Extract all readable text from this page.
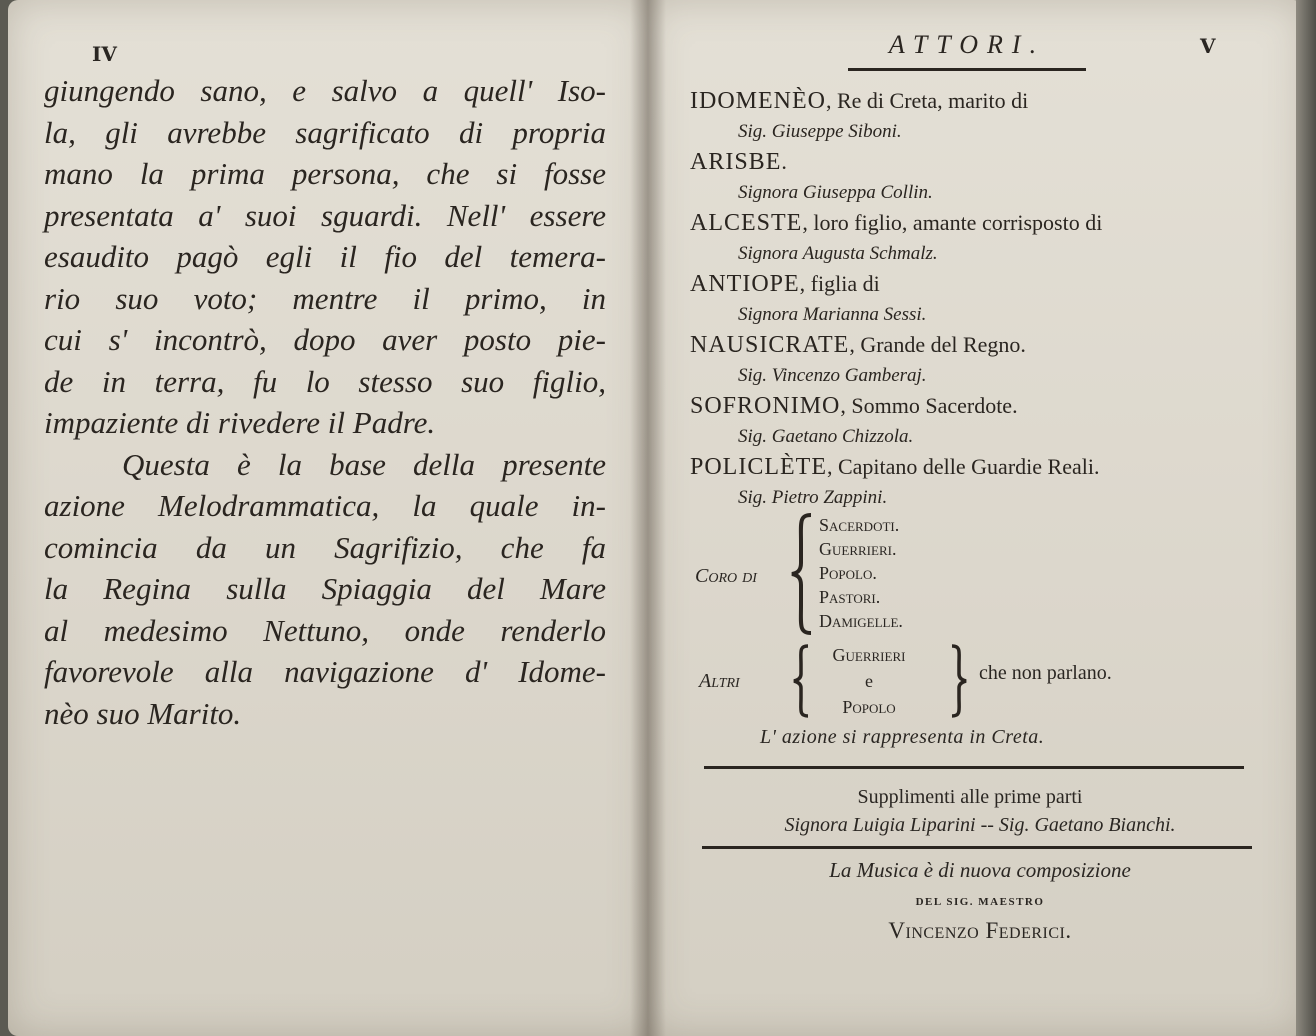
IV
giungendo sano, e salvo a quell' Iso-
la, gli avrebbe sagrificato di propria
mano la prima persona, che si fosse
presentata a' suoi sguardi. Nell' essere
esaudito pagò egli il fio del temera-
rio suo voto; mentre il primo, in
cui s' incontrò, dopo aver posto pie-
de in terra, fu lo stesso suo figlio,
impaziente di rivedere il Padre.
Questa è la base della presente
azione Melodrammatica, la quale in-
comincia da un Sagrifizio, che fa
la Regina sulla Spiaggia del Mare
al medesimo Nettuno, onde renderlo
favorevole alla navigazione d' Idome-
nèo suo Marito.
ATTORI.	V
IDOMENÈO, Re di Creta, marito di
Sig. Giuseppe Siboni.
ARISBE.
Signora Giuseppa Collin.
ALCESTE, loro figlio, amante corrisposto di
Signora Augusta Schmalz.
ANTIOPE, figlia di
Signora Marianna Sessi.
NAUSICRATE, Grande del Regno.
Sig. Vincenzo Gamberaj.
SOFRONIMO, Sommo Sacerdote.
Sig. Gaetano Chizzola.
POLICLÈTE, Capitano delle Guardie Reali.
Sig. Pietro Zappini.
Coro di
Sacerdoti.
Guerrieri.
Popolo.
Pastori.
Damigelle.
Altri
Guerrieri
e
Popolo
che non parlano.
L' azione si rappresenta in Creta.
Supplimenti alle prime parti
Signora Luigia Liparini -- Sig. Gaetano Bianchi.
La Musica è di nuova composizione
DEL SIG. MAESTRO
Vincenzo Federici.
